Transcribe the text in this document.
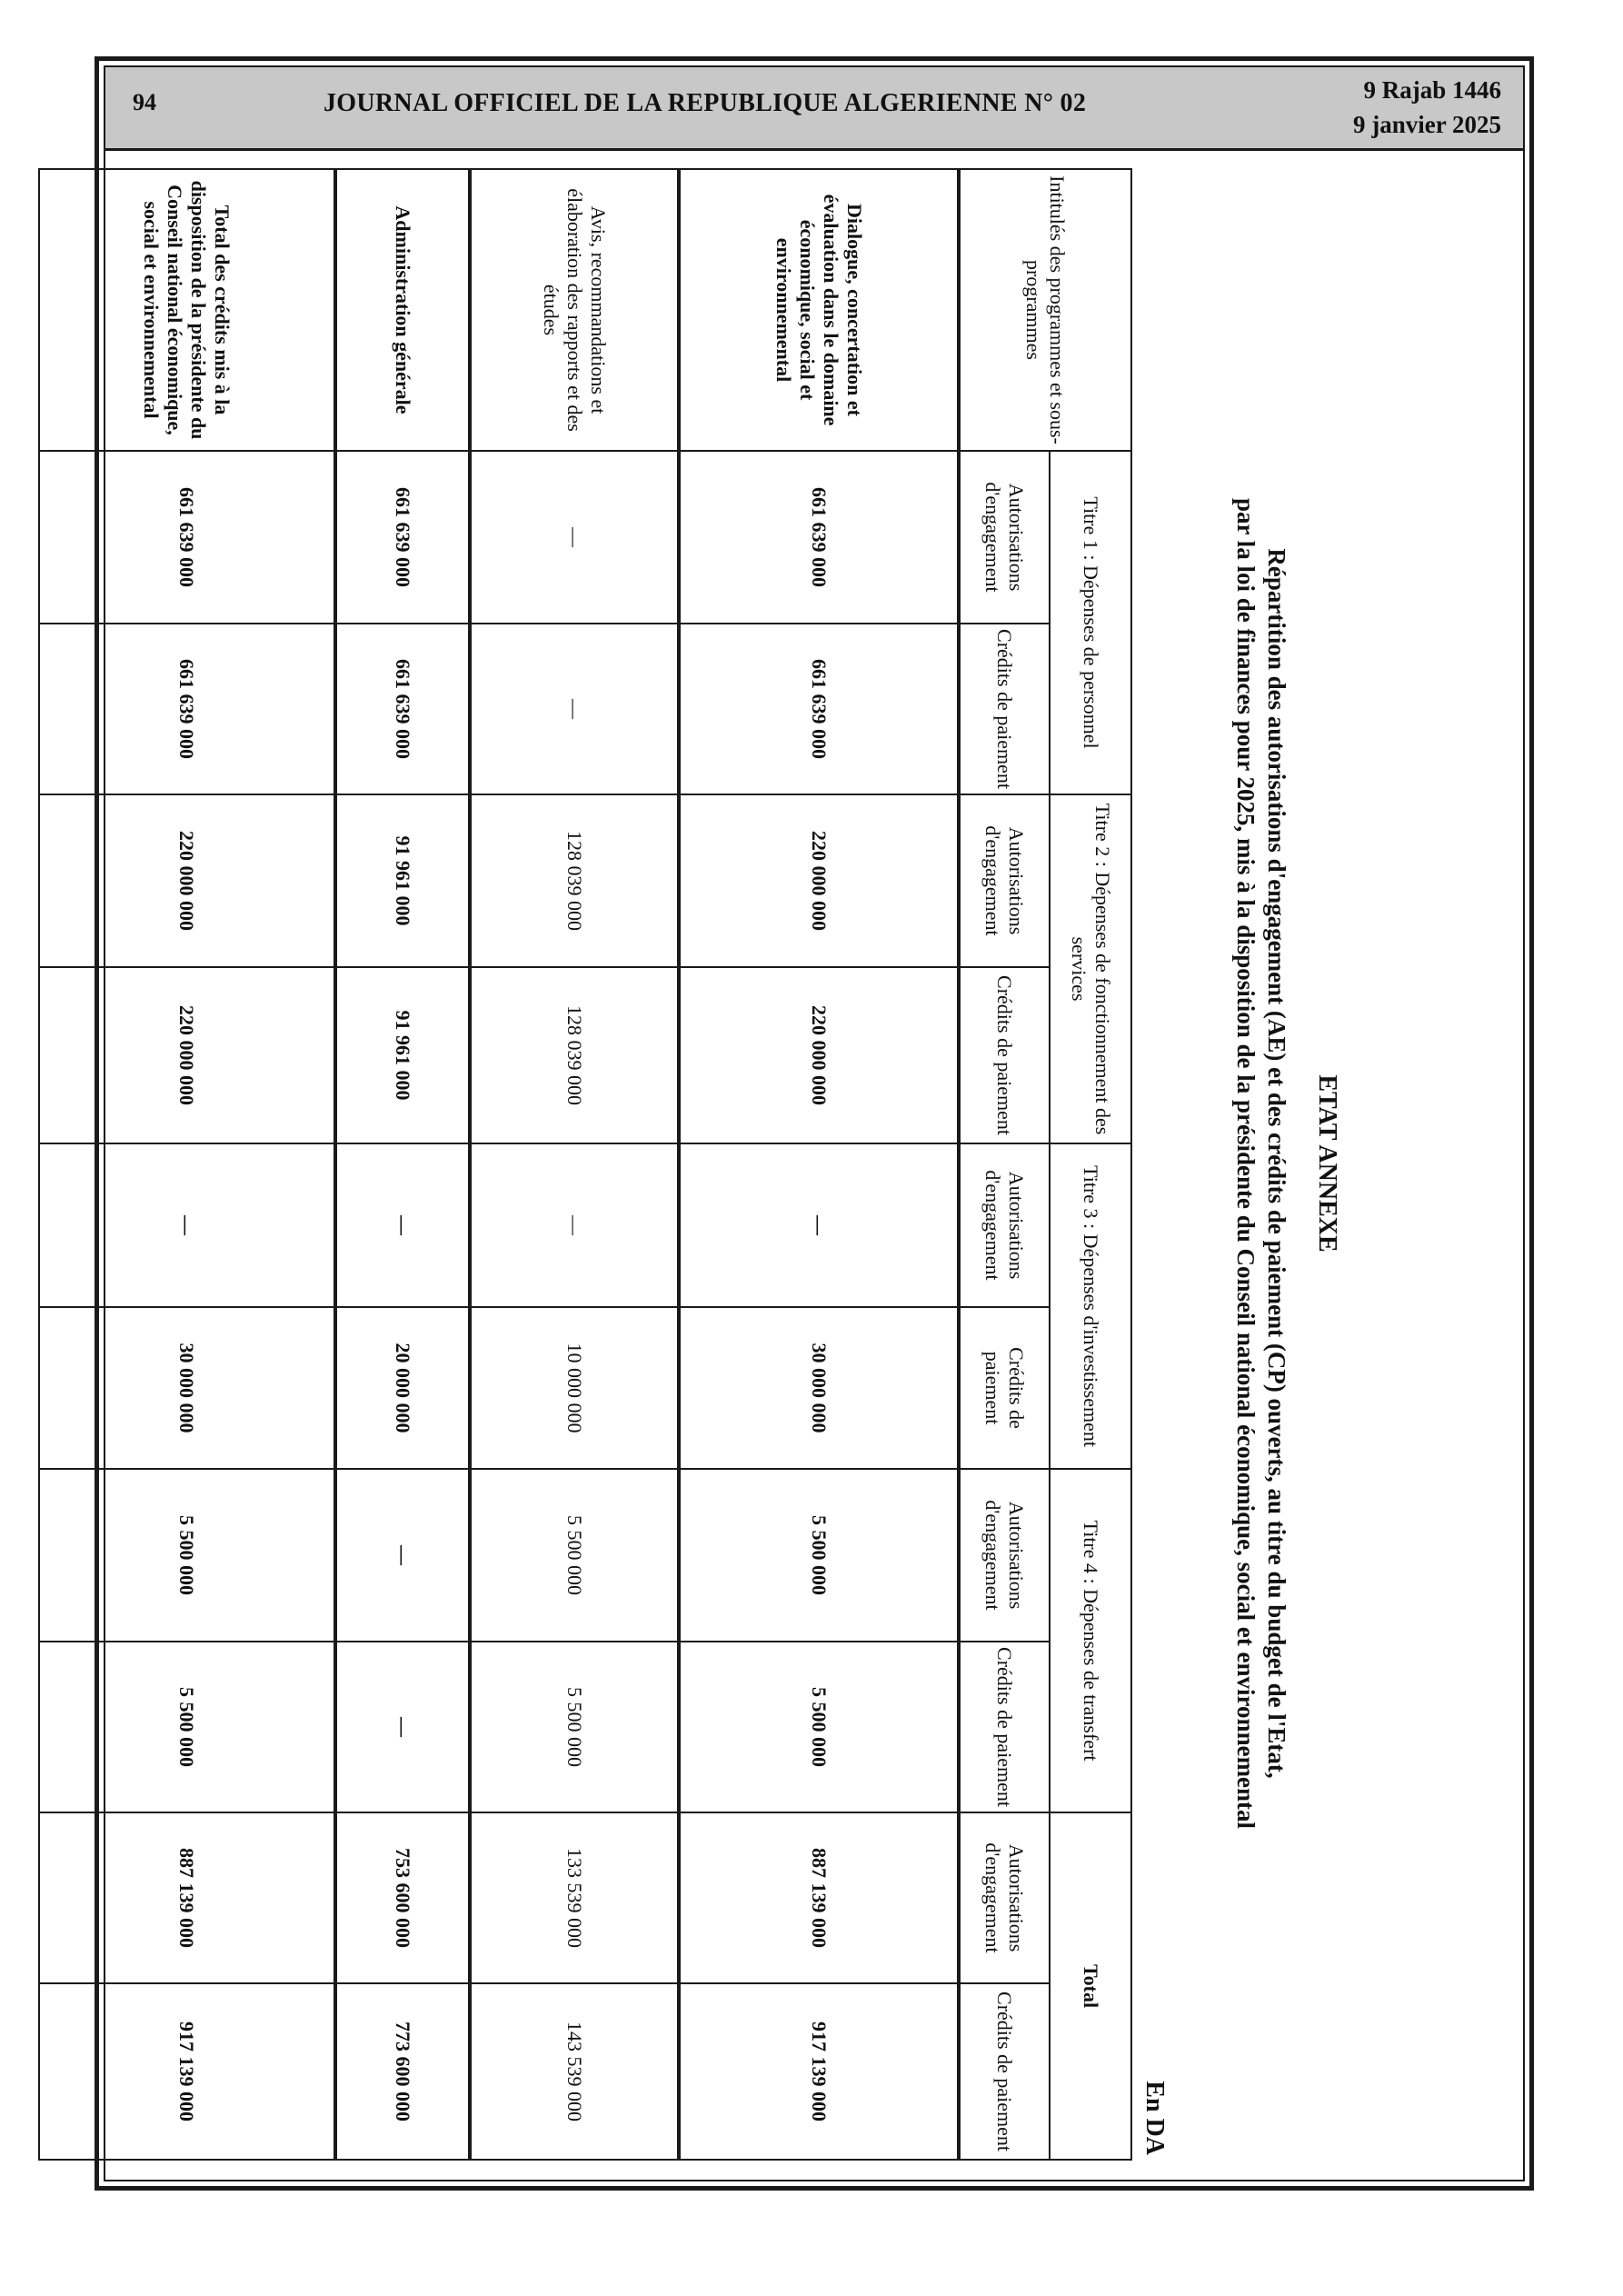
94	JOURNAL OFFICIEL DE LA REPUBLIQUE ALGERIENNE N° 02	9 Rajab 1446
9 janvier 2025
ETAT ANNEXE
Répartition des autorisations d'engagement (AE) et des crédits de paiement (CP) ouverts, au titre du budget de l'Etat,
par la loi de finances pour 2025, mis à la disposition de la présidente du Conseil national économique, social et environnemental
En DA
Intitulés des programmes et sous-programmes	Titre 1 : Dépenses de personnel		Titre 2 : Dépenses de fonctionnement des services		Titre 3 : Dépenses d'investissement		Titre 4 : Dépenses de transfert		Total	
	Autorisations d'engagement	Crédits de paiement	Autorisations d'engagement	Crédits de paiement	Autorisations d'engagement	Crédits de paiement	Autorisations d'engagement	Crédits de paiement	Autorisations d'engagement	Crédits de paiement
Dialogue, concertation et évaluation dans le domaine économique, social et environnemental	661 639 000	661 639 000	220 000 000	220 000 000	—	30 000 000	5 500 000	5 500 000	887 139 000	917 139 000
Avis, recommandations et élaboration des rapports et des études	—	—	128 039 000	128 039 000	—	10 000 000	5 500 000	5 500 000	133 539 000	143 539 000
Administration générale	661 639 000	661 639 000	91 961 000	91 961 000	—	20 000 000	—	—	753 600 000	773 600 000
Total des crédits mis à la disposition de la présidente du Conseil national économique, social et environnemental	661 639 000	661 639 000	220 000 000	220 000 000	—	30 000 000	5 500 000	5 500 000	887 139 000	917 139 000
